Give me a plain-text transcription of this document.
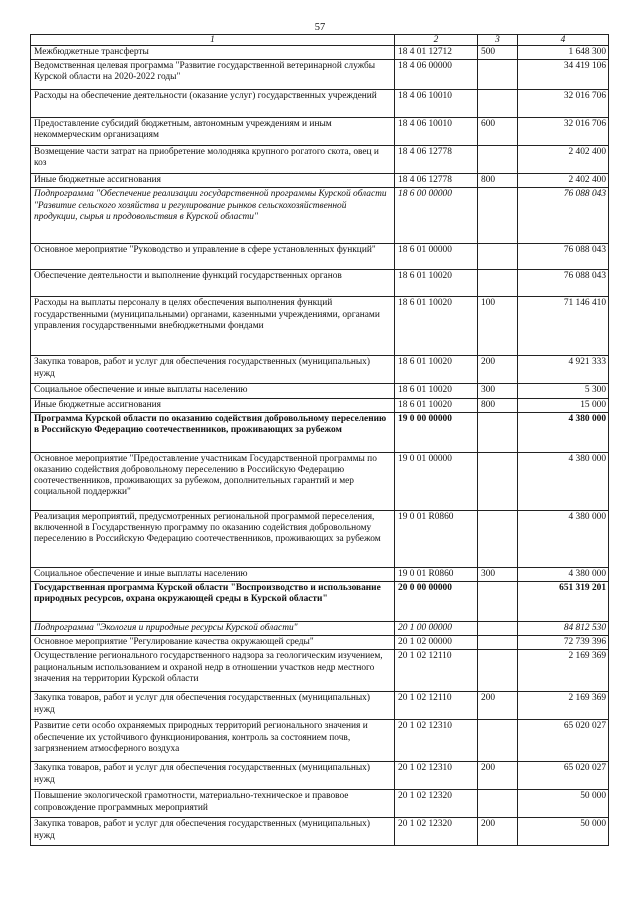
57
1	2	3	4
Межбюджетные трансферты	18 4 01 12712	500	1 648 300
Ведомственная целевая программа "Развитие государственной ветеринарной службы Курской области на 2020-2022 годы"	18 4 06 00000		34 419 106
Расходы на обеспечение деятельности (оказание услуг) государственных учреждений	18 4 06 10010		32 016 706
Предоставление субсидий бюджетным, автономным учреждениям и иным некоммерческим организациям	18 4 06 10010	600	32 016 706
Возмещение части затрат на приобретение молодняка крупного рогатого скота, овец и коз	18 4 06 12778		2 402 400
Иные бюджетные ассигнования	18 4 06 12778	800	2 402 400
Подпрограмма "Обеспечение реализации государственной программы Курской области "Развитие сельского хозяйства и регулирование рынков сельскохозяйственной продукции, сырья и продовольствия в Курской области"	18 6 00 00000		76 088 043
Основное мероприятие "Руководство и управление в сфере установленных функций"	18 6 01 00000		76 088 043
Обеспечение деятельности и выполнение функций государственных органов	18 6 01 10020		76 088 043
Расходы на выплаты персоналу в целях обеспечения выполнения функций государственными (муниципальными) органами, казенными учреждениями, органами управления государственными внебюджетными фондами	18 6 01 10020	100	71 146 410
Закупка товаров, работ и услуг для обеспечения государственных (муниципальных) нужд	18 6 01 10020	200	4 921 333
Социальное обеспечение и иные выплаты населению	18 6 01 10020	300	5 300
Иные бюджетные ассигнования	18 6 01 10020	800	15 000
Программа Курской области по оказанию содействия добровольному переселению в Российскую Федерацию соотечественников, проживающих за рубежом	19 0 00 00000		4 380 000
Основное мероприятие "Предоставление участникам Государственной программы по оказанию содействия добровольному переселению в Российскую Федерацию соотечественников, проживающих за рубежом, дополнительных гарантий и мер социальной поддержки"	19 0 01 00000		4 380 000
Реализация мероприятий, предусмотренных региональной программой переселения, включенной в Государственную программу по оказанию содействия добровольному переселению в Российскую Федерацию соотечественников, проживающих за рубежом	19 0 01 R0860		4 380 000
Социальное обеспечение и иные выплаты населению	19 0 01 R0860	300	4 380 000
Государственная программа Курской области "Воспроизводство и использование природных ресурсов, охрана окружающей среды в Курской области"	20 0 00 00000		651 319 201
Подпрограмма "Экология и природные ресурсы Курской области"	20 1 00 00000		84 812 530
Основное мероприятие "Регулирование качества окружающей среды"	20 1 02 00000		72 739 396
Осуществление регионального государственного надзора за геологическим изучением, рациональным использованием и охраной недр в отношении участков недр местного значения на территории Курской области	20 1 02 12110		2 169 369
Закупка товаров, работ и услуг для обеспечения государственных (муниципальных) нужд	20 1 02 12110	200	2 169 369
Развитие сети особо охраняемых природных территорий регионального значения и обеспечение их устойчивого функционирования, контроль за состоянием почв, загрязнением атмосферного воздуха	20 1 02 12310		65 020 027
Закупка товаров, работ и услуг для обеспечения государственных (муниципальных) нужд	20 1 02 12310	200	65 020 027
Повышение экологической грамотности, материально-техническое и правовое сопровождение программных мероприятий	20 1 02 12320		50 000
Закупка товаров, работ и услуг для обеспечения государственных (муниципальных) нужд	20 1 02 12320	200	50 000
